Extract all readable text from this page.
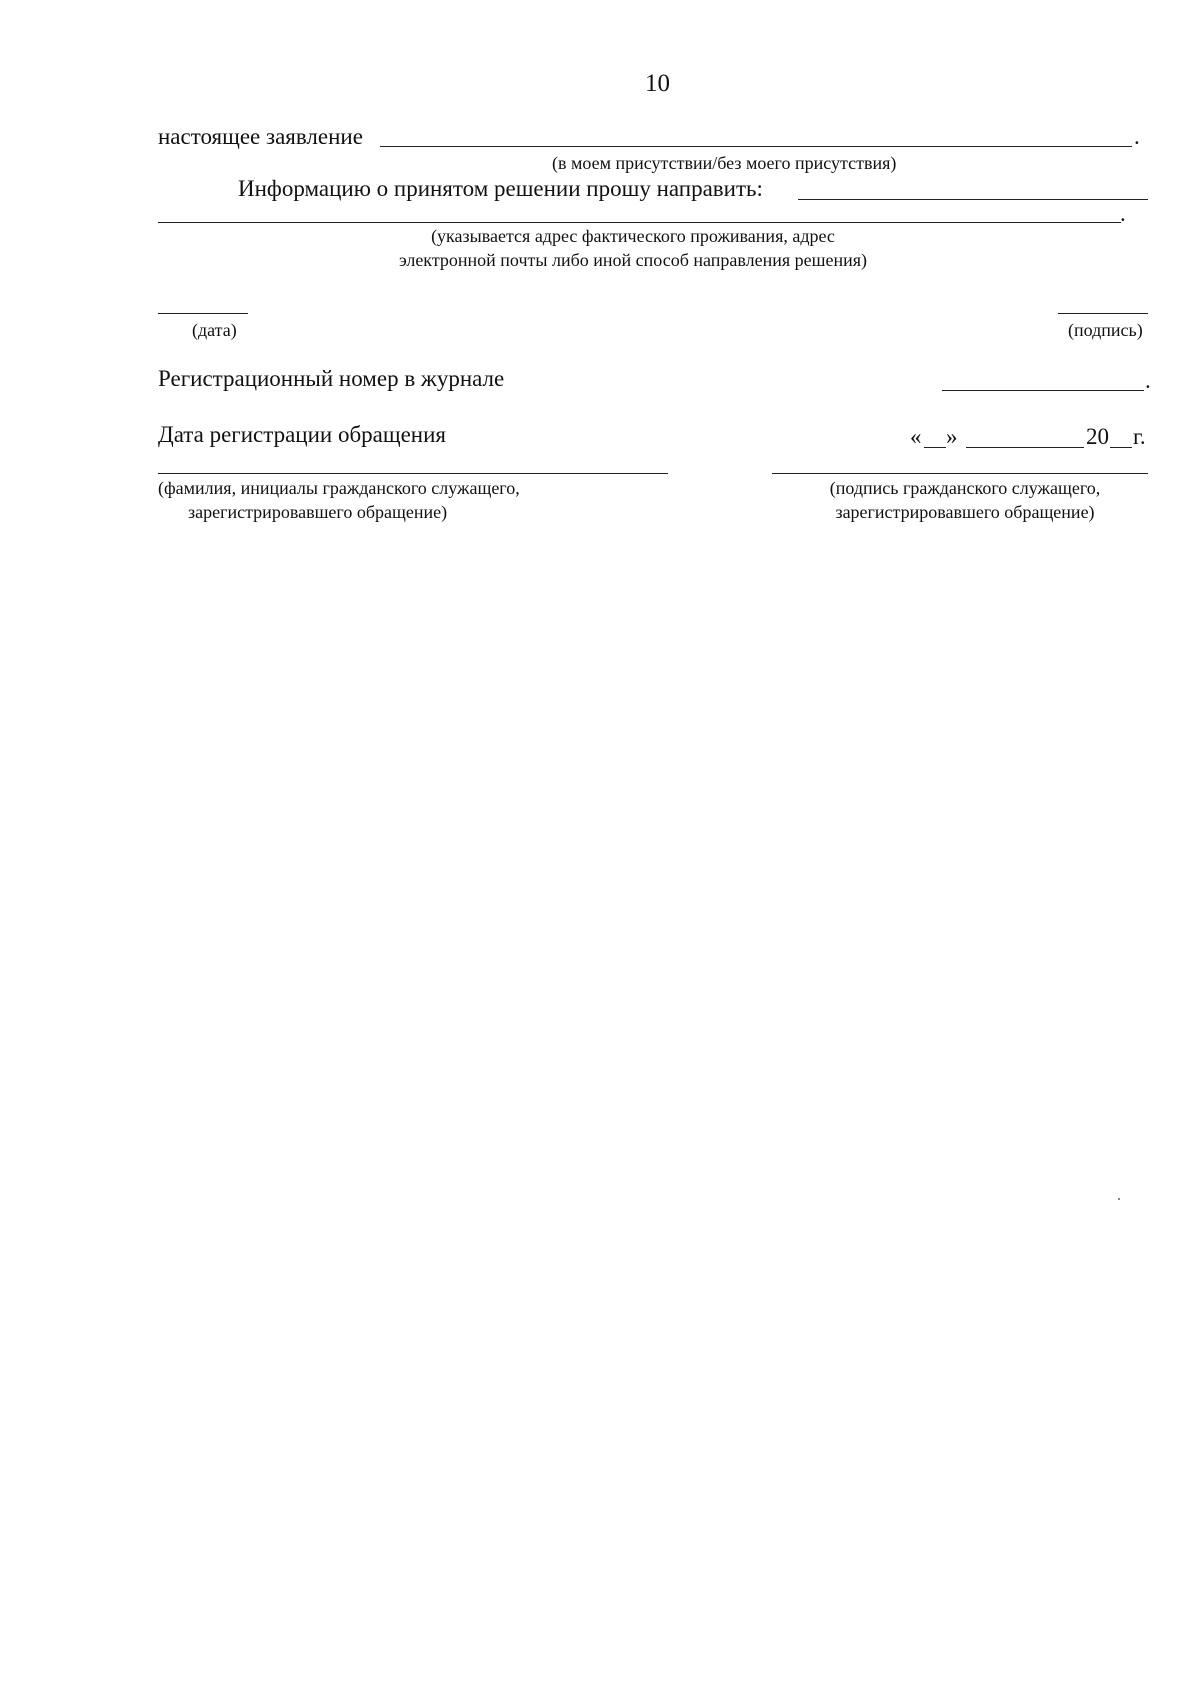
10
настоящее заявление	.
(в моем присутствии/без моего присутствия)
Информацию о принятом решении прошу направить:
.
(указывается адрес фактического проживания, адрес
электронной почты либо иной способ направления решения)
(дата)	(подпись)
Регистрационный номер в журнале	.
Дата регистрации обращения	« »	20 г.
(фамилия, инициалы гражданского служащего,
зарегистрировавшего обращение)
(подпись гражданского служащего,
зарегистрировавшего обращение)
